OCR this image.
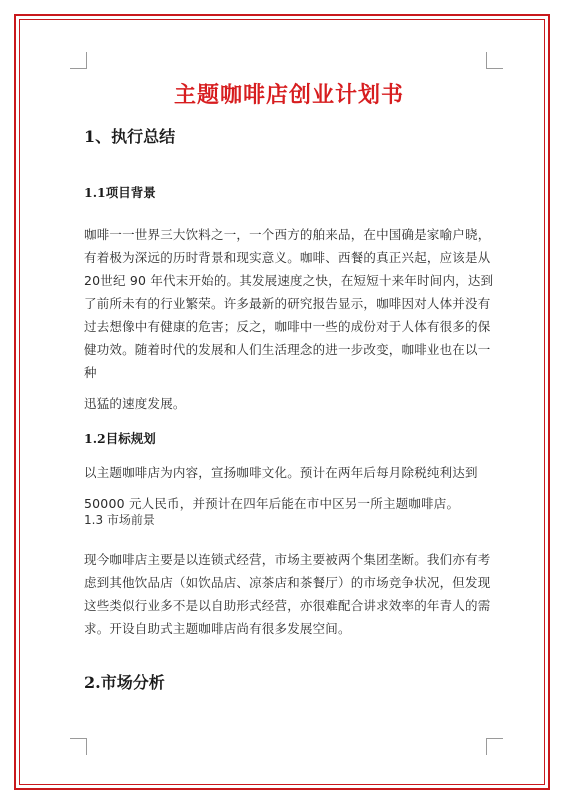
主题咖啡店创业计划书
1、执行总结
1.1项目背景
咖啡一一世界三大饮料之一，一个西方的舶来品，在中国确是家喻户晓，有着极为深远的历时背景和现实意义。咖啡、西餐的真正兴起，应该是从20世纪 90 年代末开始的。其发展速度之快，在短短十来年时间内，达到了前所未有的行业繁荣。许多最新的研究报告显示，咖啡因对人体并没有过去想像中有健康的危害；反之，咖啡中一些的成份对于人体有很多的保健功效。随着时代的发展和人们生活理念的进一步改变，咖啡业也在以一种
迅猛的速度发展。
1.2目标规划
以主题咖啡店为内容，宣扬咖啡文化。预计在两年后每月除税纯利达到
50000 元人民币，并预计在四年后能在市中区另一所主题咖啡店。
1.3 市场前景
现今咖啡店主要是以连锁式经营，市场主要被两个集团垄断。我们亦有考虑到其他饮品店（如饮品店、凉茶店和茶餐厅）的市场竞争状况，但发现这些类似行业多不是以自助形式经营，亦很难配合讲求效率的年青人的需求。开设自助式主题咖啡店尚有很多发展空间。
2.市场分析
